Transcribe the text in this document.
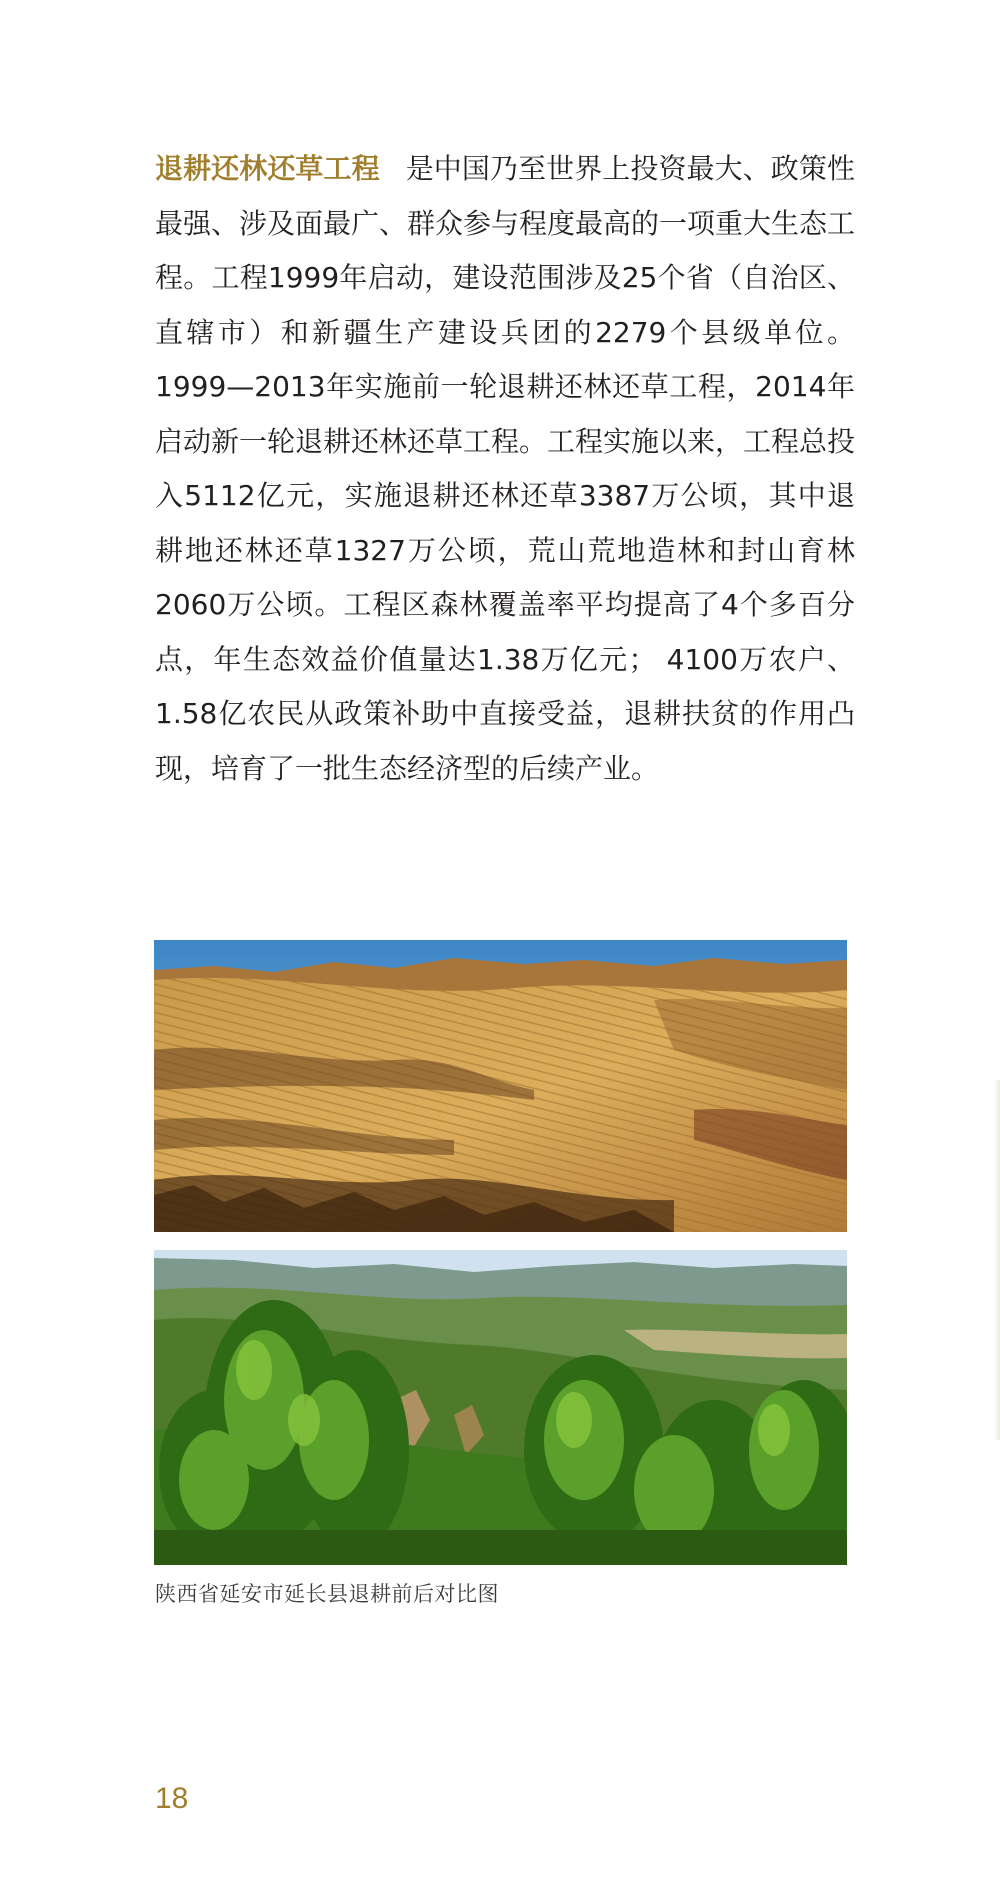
退耕还林还草工程 是中国乃至世界上投资最大、政策性最强、涉及面最广、群众参与程度最高的一项重大生态工程。工程1999年启动，建设范围涉及25个省（自治区、直辖市）和新疆生产建设兵团的2279个县级单位。1999—2013年实施前一轮退耕还林还草工程，2014年启动新一轮退耕还林还草工程。工程实施以来，工程总投入5112亿元，实施退耕还林还草3387万公顷，其中退耕地还林还草1327万公顷，荒山荒地造林和封山育林2060万公顷。工程区森林覆盖率平均提高了4个多百分点，年生态效益价值量达1.38万亿元； 4100万农户、1.58亿农民从政策补助中直接受益，退耕扶贫的作用凸现，培育了一批生态经济型的后续产业。

陕西省延安市延长县退耕前后对比图

18
